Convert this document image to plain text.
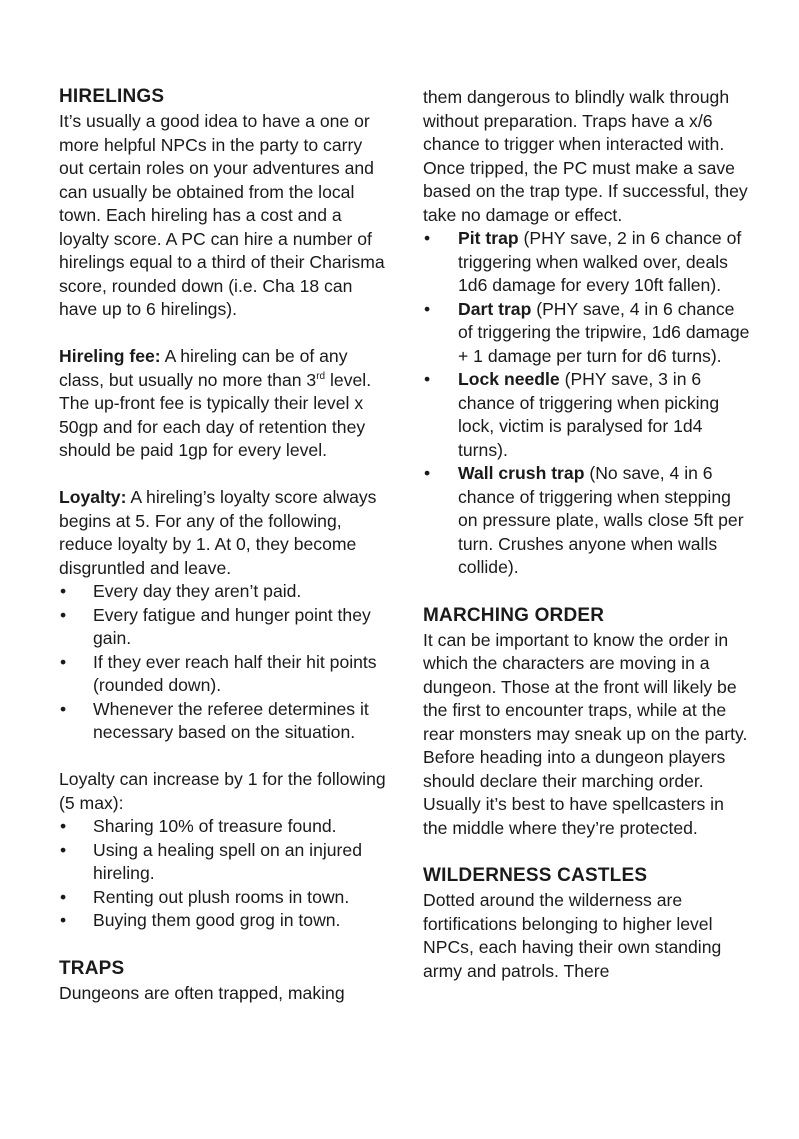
HIRELINGS

It’s usually a good idea to have a one or more helpful NPCs in the party to carry out certain roles on your adventures and can usually be obtained from the local town. Each hireling has a cost and a loyalty score. A PC can hire a number of hirelings equal to a third of their Charisma score, rounded down (i.e. Cha 18 can have up to 6 hirelings).

Hireling fee: A hireling can be of any class, but usually no more than 3rd level. The up-front fee is typically their level x 50gp and for each day of retention they should be paid 1gp for every level.

Loyalty: A hireling’s loyalty score always begins at 5. For any of the following, reduce loyalty by 1. At 0, they become disgruntled and leave.

• Every day they aren’t paid.
• Every fatigue and hunger point they gain.
• If they ever reach half their hit points (rounded down).
• Whenever the referee determines it necessary based on the situation.

Loyalty can increase by 1 for the following (5 max):

• Sharing 10% of treasure found.
• Using a healing spell on an injured hireling.
• Renting out plush rooms in town.
• Buying them good grog in town.
TRAPS

Dungeons are often trapped, making

them dangerous to blindly walk through without preparation. Traps have a x/6 chance to trigger when interacted with. Once tripped, the PC must make a save based on the trap type. If successful, they take no damage or effect.

• Pit trap (PHY save, 2 in 6 chance of triggering when walked over, deals 1d6 damage for every 10ft fallen).
• Dart trap (PHY save, 4 in 6 chance of triggering the tripwire, 1d6 damage + 1 damage per turn for d6 turns).
• Lock needle (PHY save, 3 in 6 chance of triggering when picking lock, victim is paralysed for 1d4 turns).
• Wall crush trap (No save, 4 in 6 chance of triggering when stepping on pressure plate, walls close 5ft per turn. Crushes anyone when walls collide).
MARCHING ORDER

It can be important to know the order in which the characters are moving in a dungeon. Those at the front will likely be the first to encounter traps, while at the rear monsters may sneak up on the party. Before heading into a dungeon players should declare their marching order. Usually it’s best to have spellcasters in the middle where they’re protected.

WILDERNESS CASTLES

Dotted around the wilderness are fortifications belonging to higher level NPCs, each having their own standing army and patrols. There
